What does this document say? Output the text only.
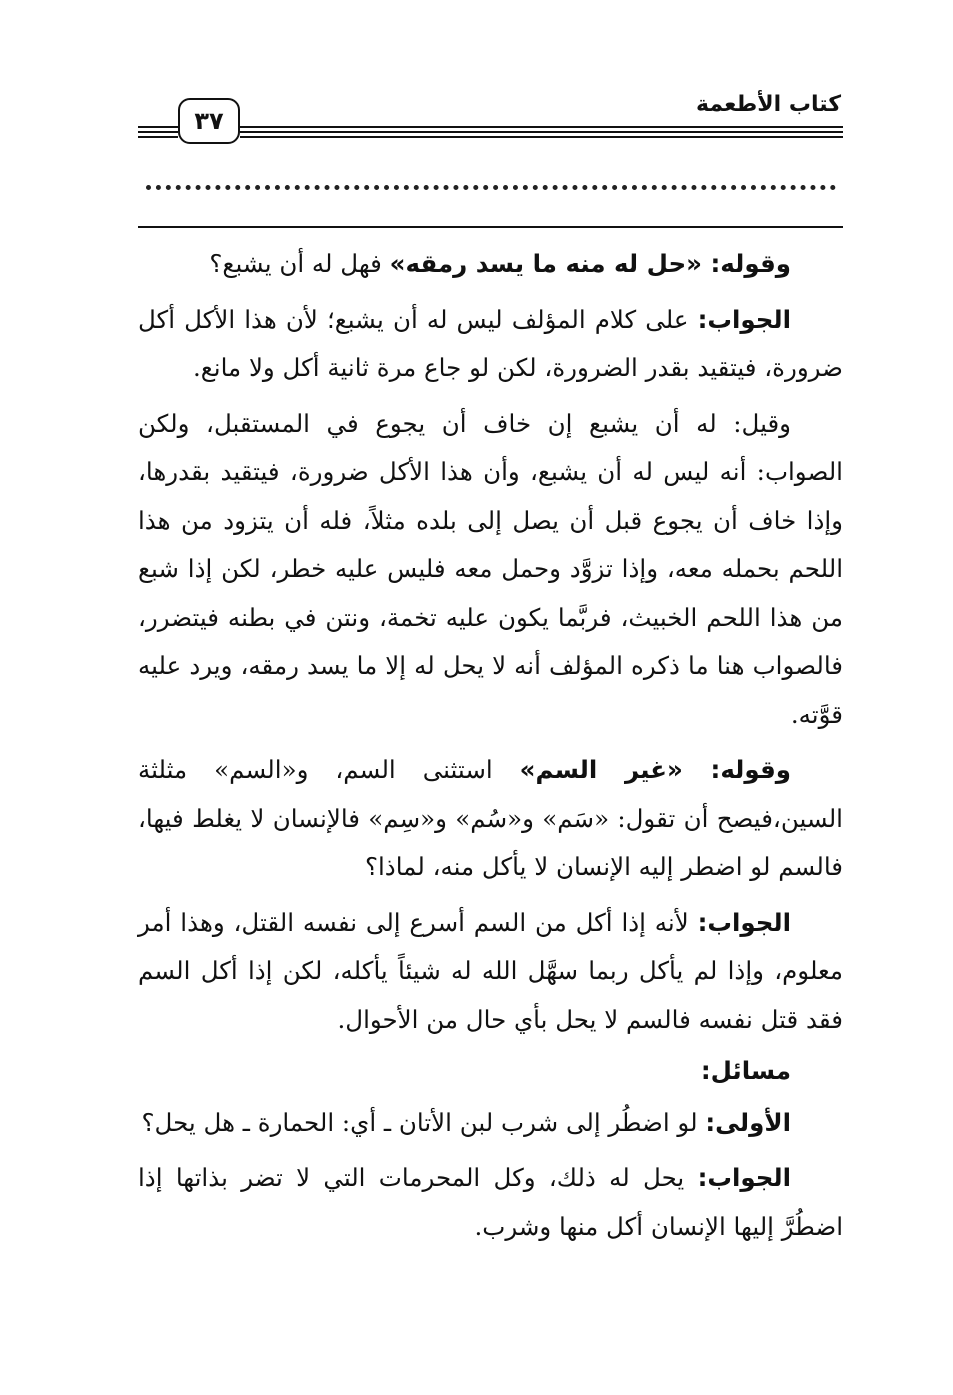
كتاب الأطعمة
٣٧

وقوله: «حل له منه ما يسد رمقه» فهل له أن يشبع؟

الجواب: على كلام المؤلف ليس له أن يشبع؛ لأن هذا الأكل أكل ضرورة، فيتقيد بقدر الضرورة، لكن لو جاع مرة ثانية أكل ولا مانع.

وقيل: له أن يشبع إن خاف أن يجوع في المستقبل، ولكن الصواب: أنه ليس له أن يشبع، وأن هذا الأكل ضرورة، فيتقيد بقدرها، وإذا خاف أن يجوع قبل أن يصل إلى بلده مثلاً، فله أن يتزود من هذا اللحم بحمله معه، وإذا تزوَّد وحمل معه فليس عليه خطر، لكن إذا شبع من هذا اللحم الخبيث، فربَّما يكون عليه تخمة، ونتن في بطنه فيتضرر، فالصواب هنا ما ذكره المؤلف أنه لا يحل له إلا ما يسد رمقه، ويرد عليه قوَّته.

وقوله: «غير السم» استثنى السم، و«السم» مثلثة السين،فيصح أن تقول: «سَم» و«سُم» و«سِم» فالإنسان لا يغلط فيها، فالسم لو اضطر إليه الإنسان لا يأكل منه، لماذا؟

الجواب: لأنه إذا أكل من السم أسرع إلى نفسه القتل، وهذا أمر معلوم، وإذا لم يأكل ربما سهَّل الله له شيئاً يأكله، لكن إذا أكل السم فقد قتل نفسه فالسم لا يحل بأي حال من الأحوال.

مسائل:

الأولى: لو اضطُر إلى شرب لبن الأتان ـ أي: الحمارة ـ هل يحل؟

الجواب: يحل له ذلك، وكل المحرمات التي لا تضر بذاتها إذا اضطُرَّ إليها الإنسان أكل منها وشرب.
